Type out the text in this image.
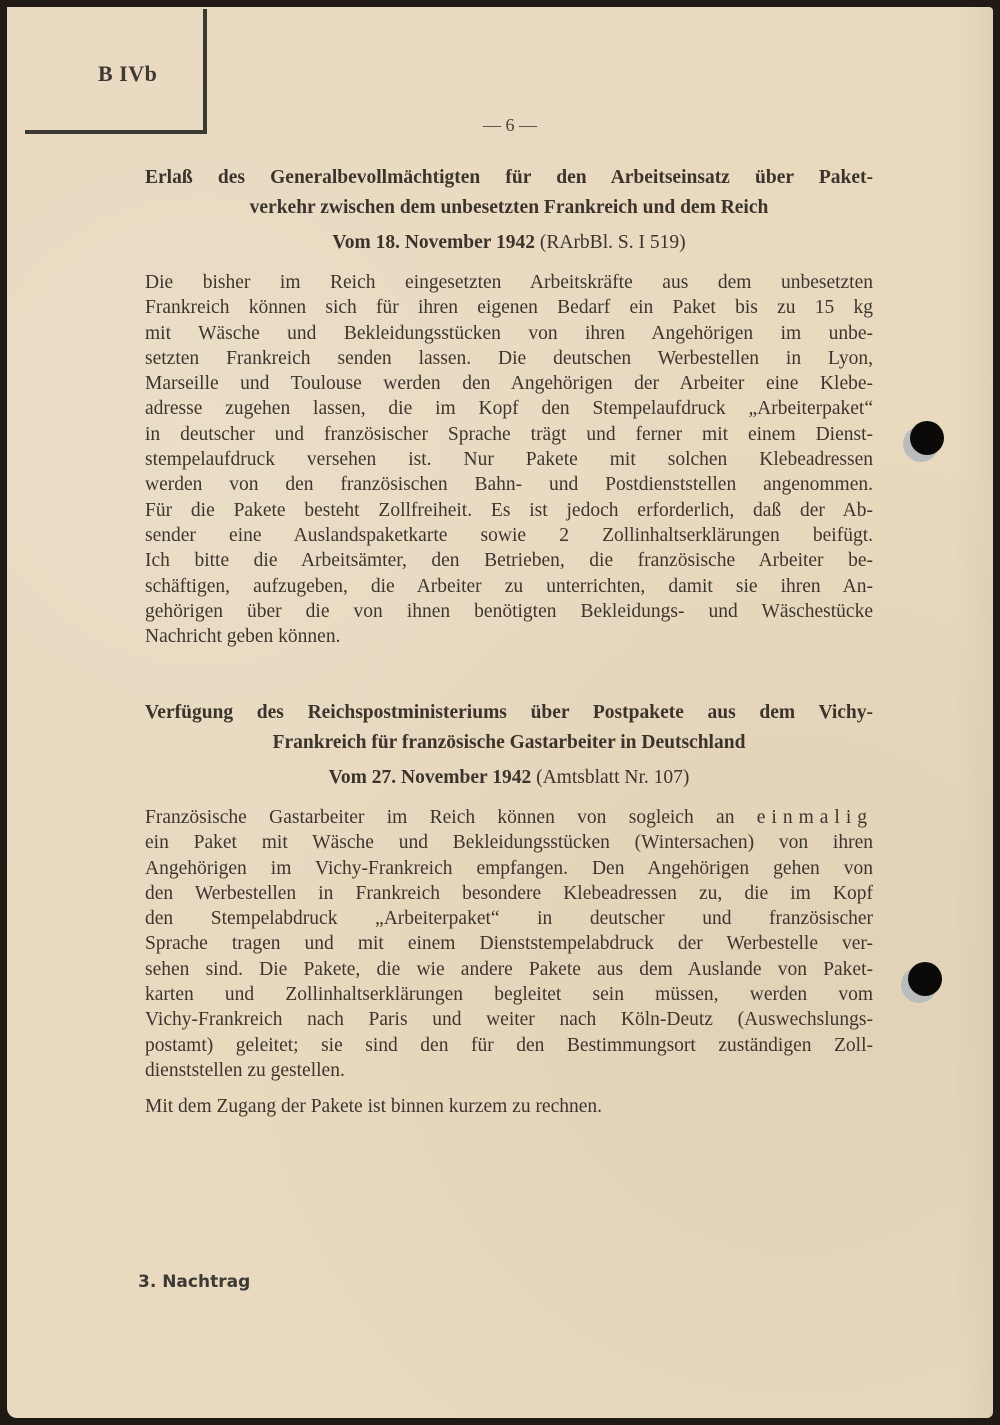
B IVb
— 6 —
Erlaß des Generalbevollmächtigten für den Arbeitseinsatz über Paket-
verkehr zwischen dem unbesetzten Frankreich und dem Reich
Vom 18. November 1942 (RArbBl. S. I 519)
Die bisher im Reich eingesetzten Arbeitskräfte aus dem unbesetzten
Frankreich können sich für ihren eigenen Bedarf ein Paket bis zu 15 kg
mit Wäsche und Bekleidungsstücken von ihren Angehörigen im unbe-
setzten Frankreich senden lassen. Die deutschen Werbestellen in Lyon,
Marseille und Toulouse werden den Angehörigen der Arbeiter eine Klebe-
adresse zugehen lassen, die im Kopf den Stempelaufdruck „Arbeiterpaket“
in deutscher und französischer Sprache trägt und ferner mit einem Dienst-
stempelaufdruck versehen ist. Nur Pakete mit solchen Klebeadressen
werden von den französischen Bahn- und Postdienststellen angenommen.
Für die Pakete besteht Zollfreiheit. Es ist jedoch erforderlich, daß der Ab-
sender eine Auslandspaketkarte sowie 2 Zollinhaltserklärungen beifügt.
Ich bitte die Arbeitsämter, den Betrieben, die französische Arbeiter be-
schäftigen, aufzugeben, die Arbeiter zu unterrichten, damit sie ihren An-
gehörigen über die von ihnen benötigten Bekleidungs- und Wäschestücke
Nachricht geben können.
Verfügung des Reichspostministeriums über Postpakete aus dem Vichy-
Frankreich für französische Gastarbeiter in Deutschland
Vom 27. November 1942 (Amtsblatt Nr. 107)
Französische Gastarbeiter im Reich können von sogleich an einmalig
ein Paket mit Wäsche und Bekleidungsstücken (Wintersachen) von ihren
Angehörigen im Vichy-Frankreich empfangen. Den Angehörigen gehen von
den Werbestellen in Frankreich besondere Klebeadressen zu, die im Kopf
den Stempelabdruck „Arbeiterpaket“ in deutscher und französischer
Sprache tragen und mit einem Dienststempelabdruck der Werbestelle ver-
sehen sind. Die Pakete, die wie andere Pakete aus dem Auslande von Paket-
karten und Zollinhaltserklärungen begleitet sein müssen, werden vom
Vichy-Frankreich nach Paris und weiter nach Köln-Deutz (Auswechslungs-
postamt) geleitet; sie sind den für den Bestimmungsort zuständigen Zoll-
dienststellen zu gestellen.
Mit dem Zugang der Pakete ist binnen kurzem zu rechnen.
3. Nachtrag
